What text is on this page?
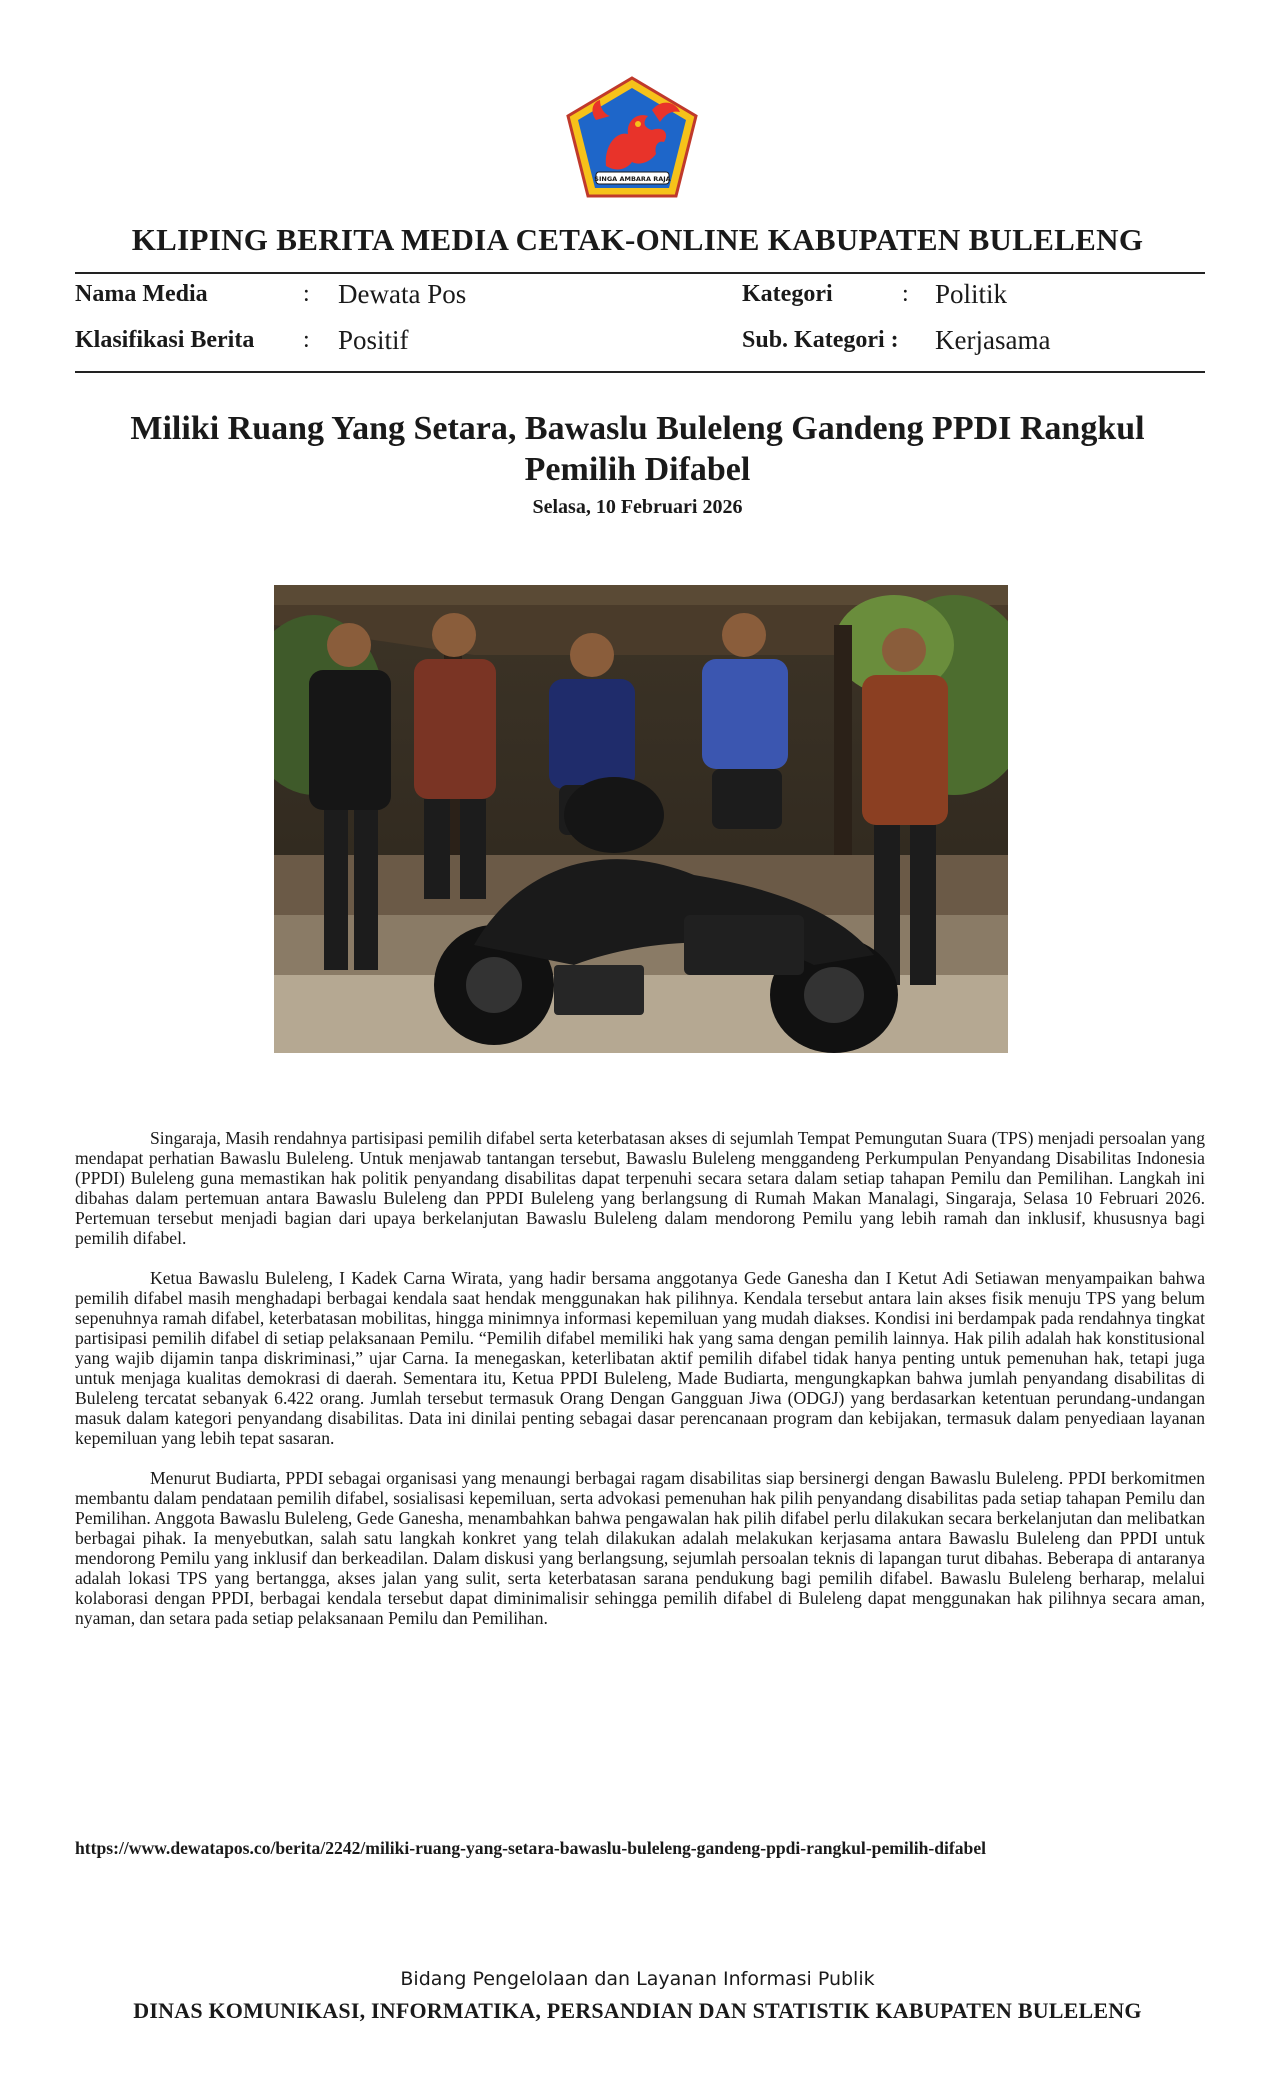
SINGA AMBARA RAJA
KLIPING BERITA MEDIA CETAK-ONLINE KABUPATEN BULELENG
Nama Media	: Dewata Pos	Kategori	: Politik
Klasifikasi Berita : Positif	Sub. Kategori : Kerjasama
Miliki Ruang Yang Setara, Bawaslu Buleleng Gandeng PPDI Rangkul
Pemilih Difabel
Selasa, 10 Februari 2026

Singaraja, Masih rendahnya partisipasi pemilih difabel serta keterbatasan akses di sejumlah Tempat Pemungutan Suara (TPS) menjadi persoalan yang mendapat perhatian Bawaslu Buleleng. Untuk menjawab tantangan tersebut, Bawaslu Buleleng menggandeng Perkumpulan Penyandang Disabilitas Indonesia (PPDI) Buleleng guna memastikan hak politik penyandang disabilitas dapat terpenuhi secara setara dalam setiap tahapan Pemilu dan Pemilihan. Langkah ini dibahas dalam pertemuan antara Bawaslu Buleleng dan PPDI Buleleng yang berlangsung di Rumah Makan Manalagi, Singaraja, Selasa 10 Februari 2026. Pertemuan tersebut menjadi bagian dari upaya berkelanjutan Bawaslu Buleleng dalam mendorong Pemilu yang lebih ramah dan inklusif, khususnya bagi pemilih difabel.

Ketua Bawaslu Buleleng, I Kadek Carna Wirata, yang hadir bersama anggotanya Gede Ganesha dan I Ketut Adi Setiawan menyampaikan bahwa pemilih difabel masih menghadapi berbagai kendala saat hendak menggunakan hak pilihnya. Kendala tersebut antara lain akses fisik menuju TPS yang belum sepenuhnya ramah difabel, keterbatasan mobilitas, hingga minimnya informasi kepemiluan yang mudah diakses. Kondisi ini berdampak pada rendahnya tingkat partisipasi pemilih difabel di setiap pelaksanaan Pemilu. “Pemilih difabel memiliki hak yang sama dengan pemilih lainnya. Hak pilih adalah hak konstitusional yang wajib dijamin tanpa diskriminasi,” ujar Carna. Ia menegaskan, keterlibatan aktif pemilih difabel tidak hanya penting untuk pemenuhan hak, tetapi juga untuk menjaga kualitas demokrasi di daerah. Sementara itu, Ketua PPDI Buleleng, Made Budiarta, mengungkapkan bahwa jumlah penyandang disabilitas di Buleleng tercatat sebanyak 6.422 orang. Jumlah tersebut termasuk Orang Dengan Gangguan Jiwa (ODGJ) yang berdasarkan ketentuan perundang-undangan masuk dalam kategori penyandang disabilitas. Data ini dinilai penting sebagai dasar perencanaan program dan kebijakan, termasuk dalam penyediaan layanan kepemiluan yang lebih tepat sasaran.

Menurut Budiarta, PPDI sebagai organisasi yang menaungi berbagai ragam disabilitas siap bersinergi dengan Bawaslu Buleleng. PPDI berkomitmen membantu dalam pendataan pemilih difabel, sosialisasi kepemiluan, serta advokasi pemenuhan hak pilih penyandang disabilitas pada setiap tahapan Pemilu dan Pemilihan. Anggota Bawaslu Buleleng, Gede Ganesha, menambahkan bahwa pengawalan hak pilih difabel perlu dilakukan secara berkelanjutan dan melibatkan berbagai pihak. Ia menyebutkan, salah satu langkah konkret yang telah dilakukan adalah melakukan kerjasama antara Bawaslu Buleleng dan PPDI untuk mendorong Pemilu yang inklusif dan berkeadilan. Dalam diskusi yang berlangsung, sejumlah persoalan teknis di lapangan turut dibahas. Beberapa di antaranya adalah lokasi TPS yang bertangga, akses jalan yang sulit, serta keterbatasan sarana pendukung bagi pemilih difabel. Bawaslu Buleleng berharap, melalui kolaborasi dengan PPDI, berbagai kendala tersebut dapat diminimalisir sehingga pemilih difabel di Buleleng dapat menggunakan hak pilihnya secara aman, nyaman, dan setara pada setiap pelaksanaan Pemilu dan Pemilihan.

https://www.dewatapos.co/berita/2242/miliki-ruang-yang-setara-bawaslu-buleleng-gandeng-ppdi-rangkul-pemilih-difabel
Bidang Pengelolaan dan Layanan Informasi Publik
DINAS KOMUNIKASI, INFORMATIKA, PERSANDIAN DAN STATISTIK KABUPATEN BULELENG
